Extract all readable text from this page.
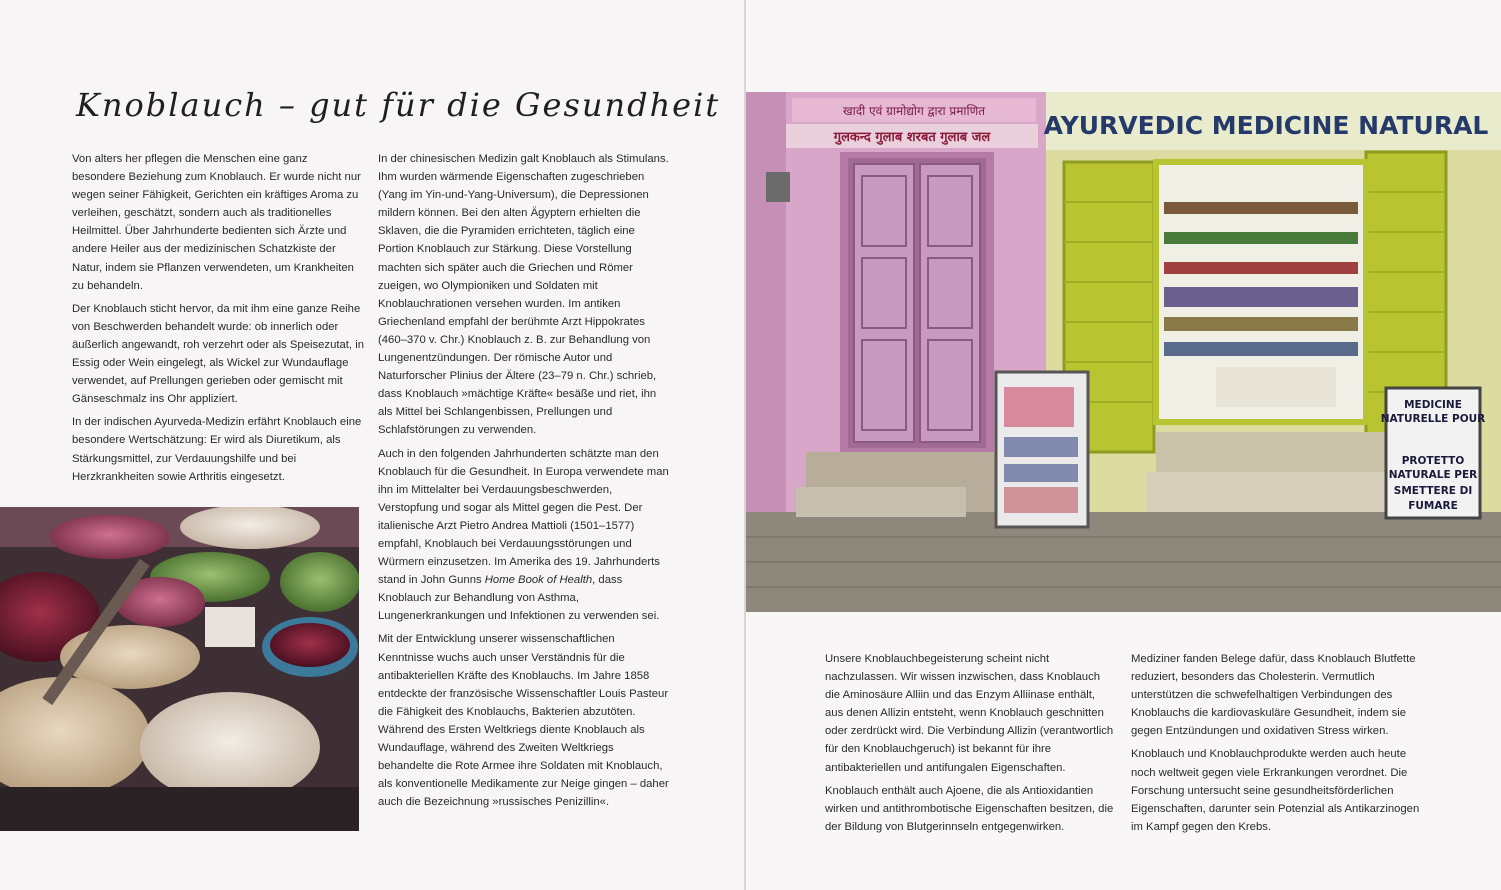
Knoblauch – gut für die Gesundheit

Von alters her pflegen die Menschen eine ganz besondere Beziehung zum Knoblauch. Er wurde nicht nur wegen seiner Fähigkeit, Gerichten ein kräftiges Aroma zu verleihen, geschätzt, sondern auch als traditionelles Heilmittel. Über Jahrhunderte bedienten sich Ärzte und andere Heiler aus der medizinischen Schatzkiste der Natur, indem sie Pflanzen verwendeten, um Krankheiten zu behandeln.

Der Knoblauch sticht hervor, da mit ihm eine ganze Reihe von Beschwerden behandelt wurde: ob innerlich oder äußerlich angewandt, roh verzehrt oder als Speisezutat, in Essig oder Wein eingelegt, als Wickel zur Wundauflage verwendet, auf Prellungen gerieben oder gemischt mit Gänseschmalz ins Ohr appliziert.

In der indischen Ayurveda-Medizin erfährt Knoblauch eine besondere Wertschätzung: Er wird als Diuretikum, als Stärkungsmittel, zur Verdauungshilfe und bei Herzkrankheiten sowie Arthritis eingesetzt.

In der chinesischen Medizin galt Knoblauch als Stimulans. Ihm wurden wärmende Eigenschaften zugeschrieben (Yang im Yin-und-Yang-Universum), die Depressionen mildern können. Bei den alten Ägyptern erhielten die Sklaven, die die Pyramiden errichteten, täglich eine Portion Knoblauch zur Stärkung. Diese Vorstellung machten sich später auch die Griechen und Römer zueigen, wo Olympioniken und Soldaten mit Knoblauchrationen versehen wurden. Im antiken Griechenland empfahl der berühmte Arzt Hippokrates (460–370 v. Chr.) Knoblauch z. B. zur Behandlung von Lungenentzündungen. Der römische Autor und Naturforscher Plinius der Ältere (23–79 n. Chr.) schrieb, dass Knoblauch »mächtige Kräfte« besäße und riet, ihn als Mittel bei Schlangenbissen, Prellungen und Schlafstörungen zu verwenden.

Auch in den folgenden Jahrhunderten schätzte man den Knoblauch für die Gesundheit. In Europa verwendete man ihn im Mittelalter bei Verdauungsbeschwerden, Verstopfung und sogar als Mittel gegen die Pest. Der italienische Arzt Pietro Andrea Mattioli (1501–1577) empfahl, Knoblauch bei Verdauungsstörungen und Würmern einzusetzen. Im Amerika des 19. Jahrhunderts stand in John Gunns Home Book of Health, dass Knoblauch zur Behandlung von Asthma, Lungenerkrankungen und Infektionen zu verwenden sei.

Mit der Entwicklung unserer wissenschaftlichen Kenntnisse wuchs auch unser Verständnis für die antibakteriellen Kräfte des Knoblauchs. Im Jahre 1858 entdeckte der französische Wissenschaftler Louis Pasteur die Fähigkeit des Knoblauchs, Bakterien abzutöten. Während des Ersten Weltkriegs diente Knoblauch als Wundauflage, während des Zweiten Weltkriegs behandelte die Rote Armee ihre Soldaten mit Knoblauch, als konventionelle Medikamente zur Neige gingen – daher auch die Bezeichnung »russisches Penizillin«.

Unsere Knoblauchbegeisterung scheint nicht nachzulassen. Wir wissen inzwischen, dass Knoblauch die Aminosäure Alliin und das Enzym Alliinase enthält, aus denen Allizin entsteht, wenn Knoblauch geschnitten oder zerdrückt wird. Die Verbindung Allizin (verantwortlich für den Knoblauchgeruch) ist bekannt für ihre antibakteriellen und antifungalen Eigenschaften.

Knoblauch enthält auch Ajoene, die als Antioxidantien wirken und antithrombotische Eigenschaften besitzen, die der Bildung von Blutgerinnseln entgegenwirken.

Mediziner fanden Belege dafür, dass Knoblauch Blutfette reduziert, besonders das Cholesterin. Vermutlich unterstützen die schwefelhaltigen Verbindungen des Knoblauchs die kardiovaskuläre Gesundheit, indem sie gegen Entzündungen und oxidativen Stress wirken.

Knoblauch und Knoblauchprodukte werden auch heute noch weltweit gegen viele Erkrankungen verordnet. Die Forschung untersucht seine gesundheitsförderlichen Eigenschaften, darunter sein Potenzial als Antikarzinogen im Kampf gegen den Krebs.

खादी एवं ग्रामोद्योग द्वारा प्रमाणित
गुलकन्द गुलाब शरबत गुलाब जल AYURVEDIC MEDICINE NATURAL
MEDICINE
NATURELLE POUR
PROTETTO
NATURALE PER
SMETTERE DI
FUMARE
